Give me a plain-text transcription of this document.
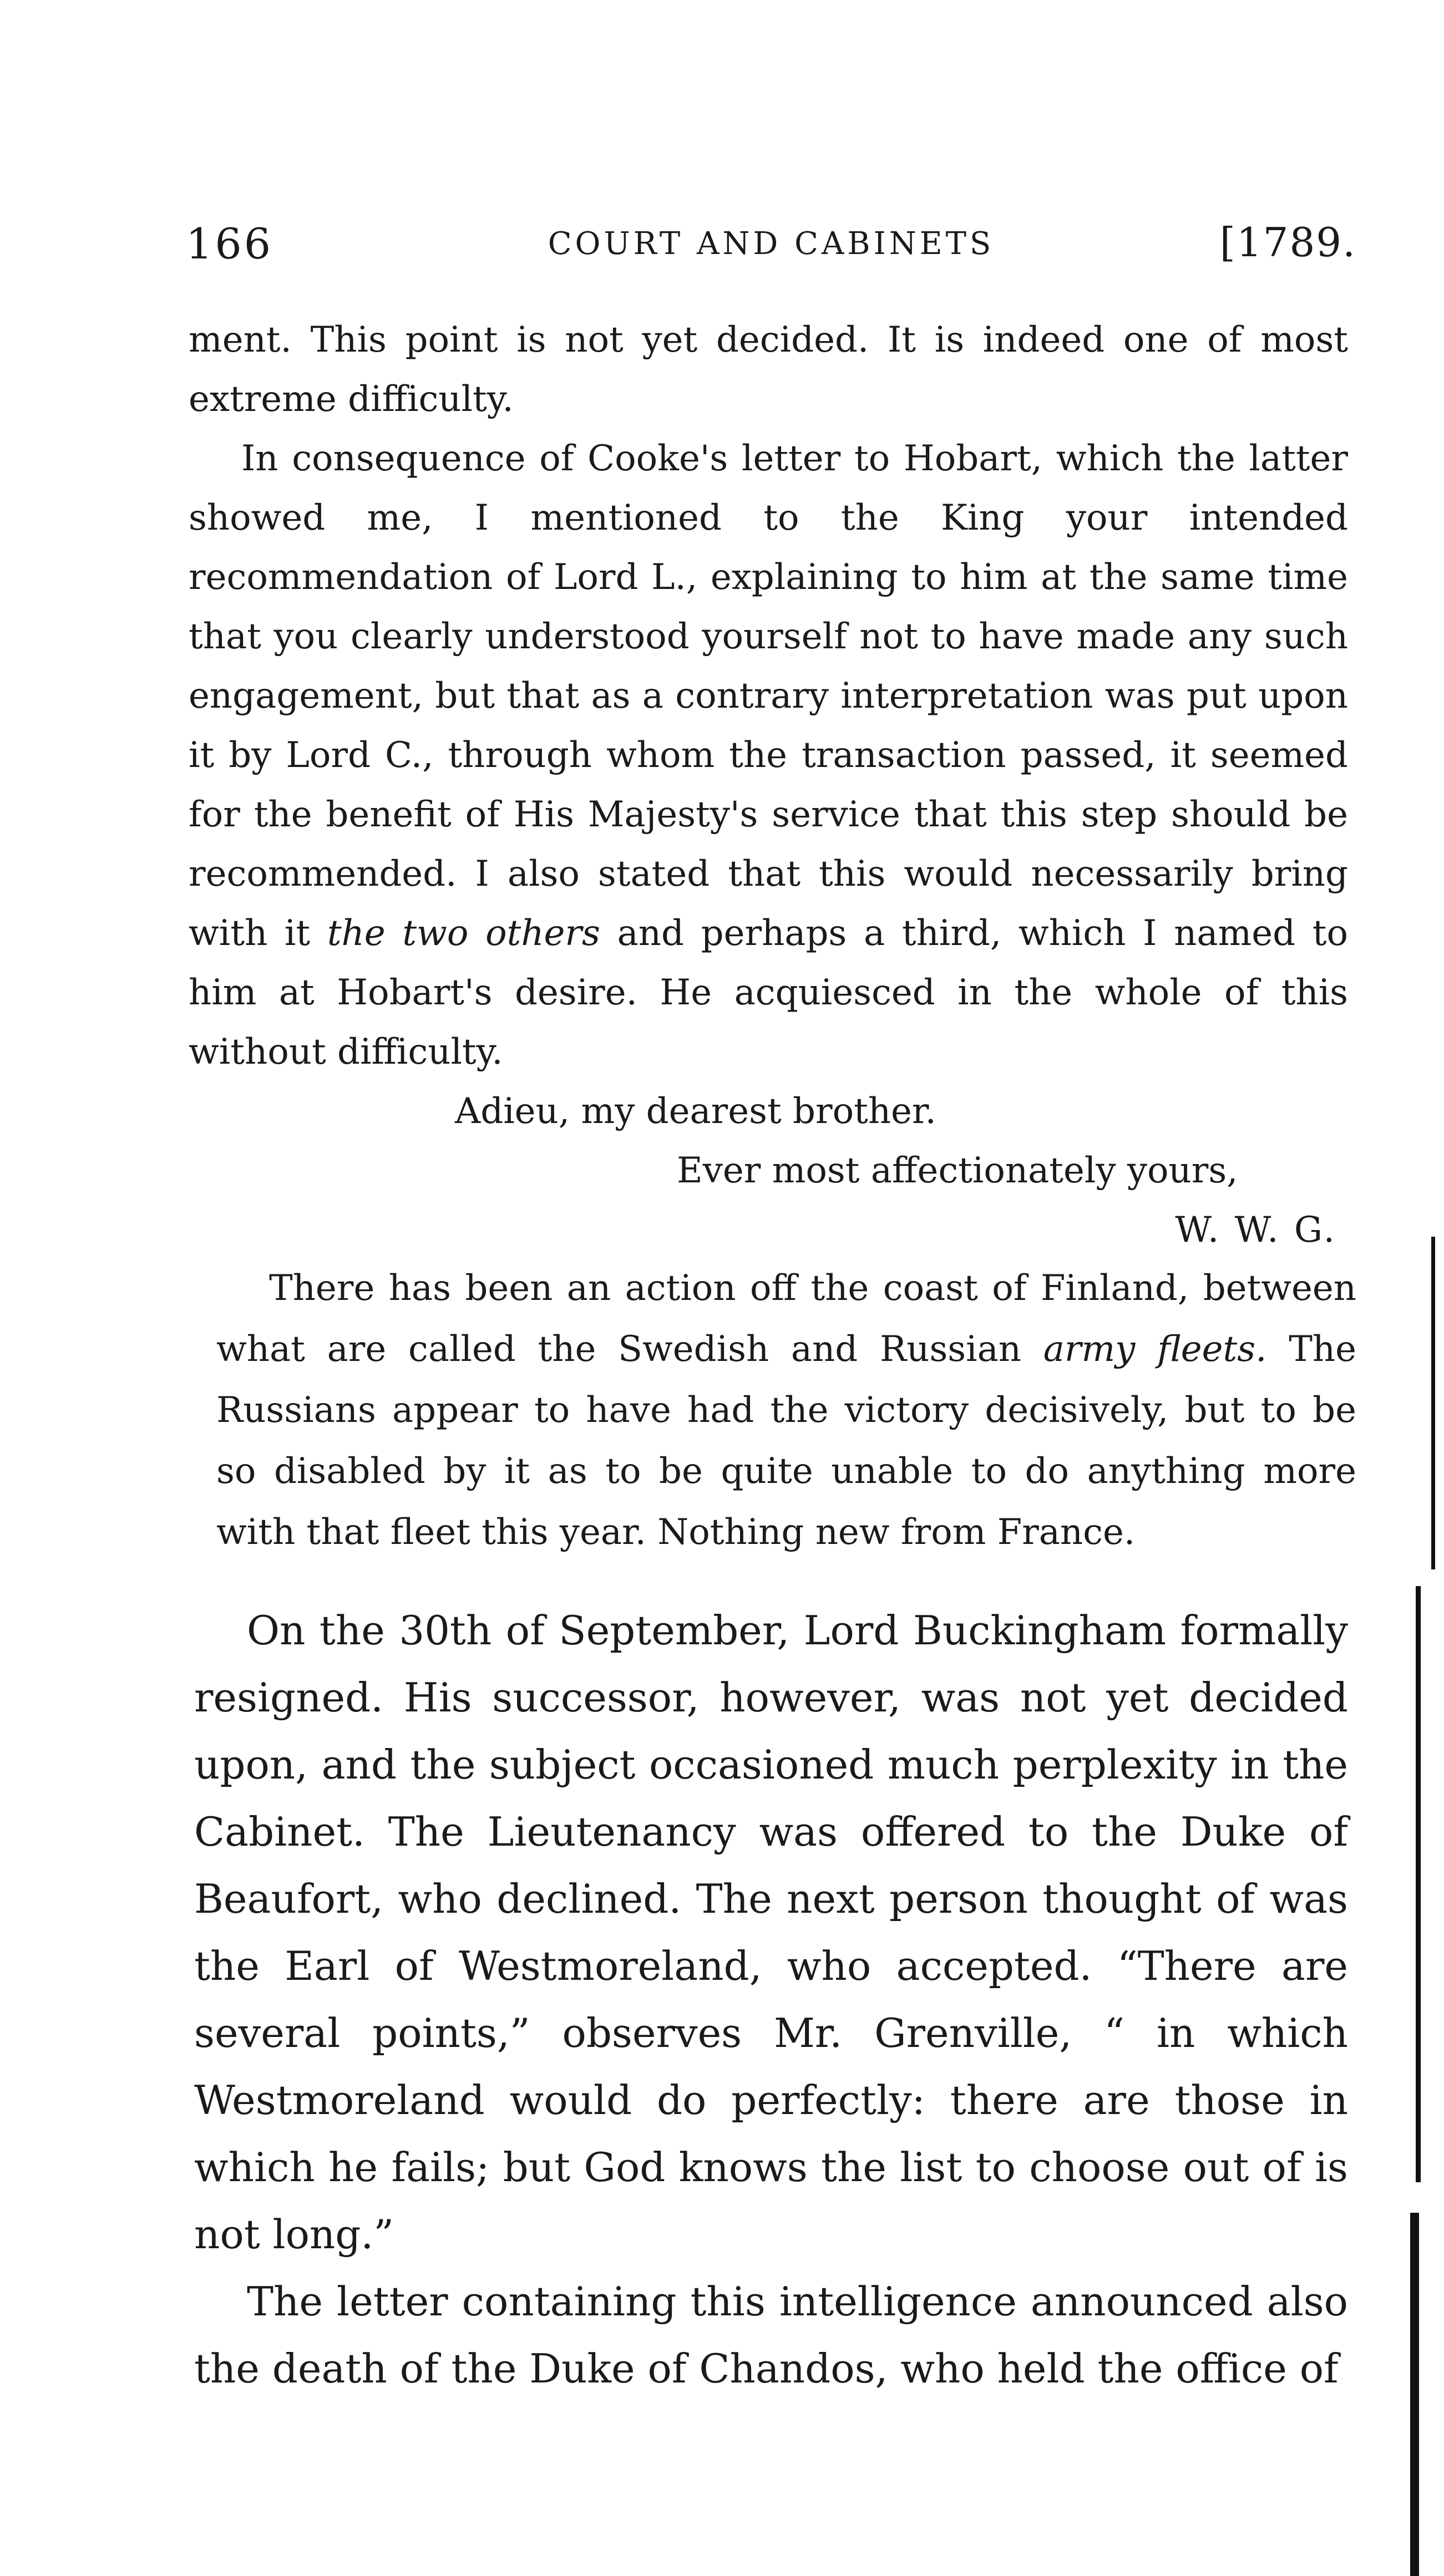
166	COURT AND CABINETS	[1789.

ment. This point is not yet decided. It is indeed one of most extreme difficulty.

In consequence of Cooke's letter to Hobart, which the latter showed me, I mentioned to the King your intended recommendation of Lord L., explaining to him at the same time that you clearly understood yourself not to have made any such engagement, but that as a contrary interpretation was put upon it by Lord C., through whom the transaction passed, it seemed for the benefit of His Majesty's service that this step should be recommended. I also stated that this would necessarily bring with it the two others and perhaps a third, which I named to him at Hobart's desire. He acquiesced in the whole of this without difficulty.

Adieu, my dearest brother.

Ever most affectionately yours,

W. W. G.

There has been an action off the coast of Finland, between what are called the Swedish and Russian army fleets. The Russians appear to have had the victory decisively, but to be so disabled by it as to be quite unable to do anything more with that fleet this year. Nothing new from France.

On the 30th of September, Lord Buckingham formally resigned. His successor, however, was not yet decided upon, and the subject occasioned much perplexity in the Cabinet. The Lieutenancy was offered to the Duke of Beaufort, who declined. The next person thought of was the Earl of Westmoreland, who accepted. “There are several points,” observes Mr. Grenville, “ in which Westmoreland would do perfectly: there are those in which he fails; but God knows the list to choose out of is not long.”

The letter containing this intelligence announced also the death of the Duke of Chandos, who held the office of
